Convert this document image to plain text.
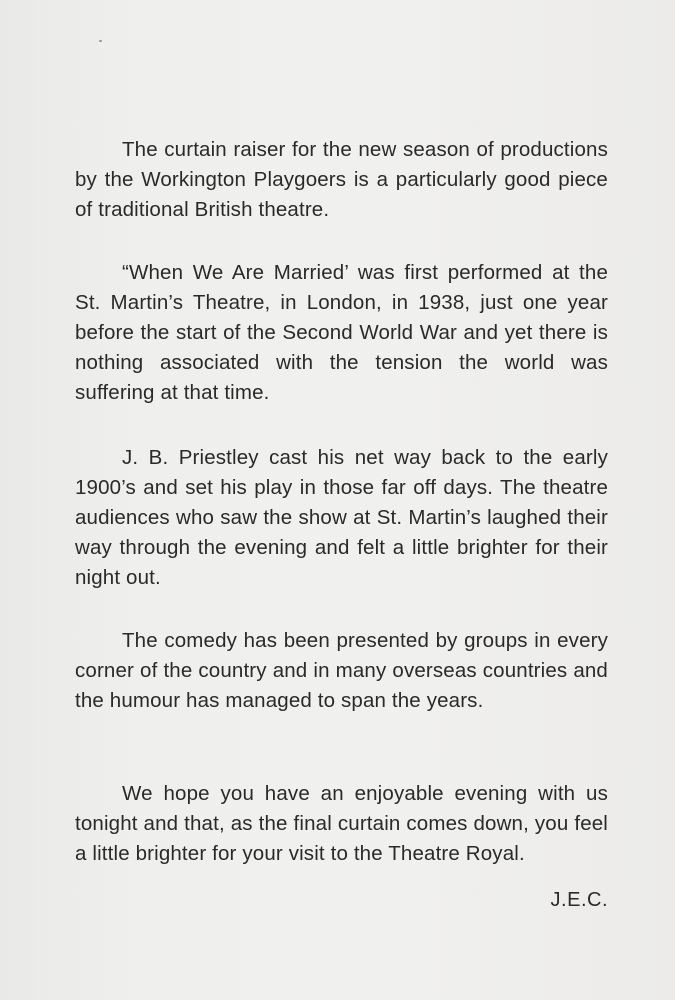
The curtain raiser for the new season of productions by the Workington Playgoers is a particularly good piece of traditional British theatre.

“When We Are Married’ was first performed at the St. Martin’s Theatre, in London, in 1938, just one year before the start of the Second World War and yet there is nothing associated with the tension the world was suffering at that time.

J. B. Priestley cast his net way back to the early 1900’s and set his play in those far off days. The theatre audiences who saw the show at St. Martin’s laughed their way through the evening and felt a little brighter for their night out.

The comedy has been presented by groups in every corner of the country and in many overseas countries and the humour has managed to span the years.

We hope you have an enjoyable evening with us tonight and that, as the final curtain comes down, you feel a little brighter for your visit to the Theatre Royal.

J.E.C.
